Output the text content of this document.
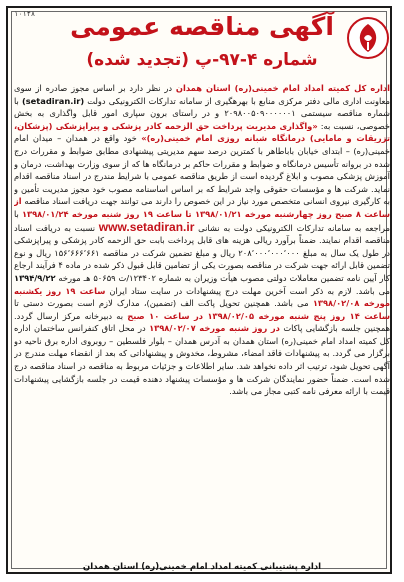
۱۰۱۴۸	آگهی مناقصه عمومی
شماره ۴-۹۷-پ (تجدید شده)
اداره کل کمیته امداد امام خمینی(ره) استان همدان در نظر دارد بر اساس مجوز صادره از سوی معاونت اداری مالی دفتر مرکزی منابع با بهرهگیری از سامانه تدارکات الکترونیکی دولت (setadiran.ir) با شماره مناقصه سیستمی ۲۰۹۸۰۰۵۰۹۰۰۰۰۰۰۱ و در راستای برون سپاری امور قابل واگذاری به بخش خصوصی، نسبت به: «واگذاری مدیریت پرداخت حق الزحمه کادر پزشکی و پیراپزشکی (پزشکان، تزریقات و مامایی) درمانگاه شبانه روزی امام خمینی(ره)» خود واقع در همدان – میدان امام خمینی(ره) – ابتدای خیابان باباطاهر با کمترین درصد سهم مدیریتی پیشنهادی مطابق ضوابط و مقررات درج شده در بروانه تأسیس درمانگاه و ضوابط و مقررات حاکم بر درمانگاه ها که از سوی وزارت بهداشت، درمان و آموزش پزشکی مصوب و ابلاغ گردیده است از طریق مناقصه عمومی با شرایط مندرج در اسناد مناقصه اقدام نماید. شرکت ها و مؤسسات حقوقی واجد شرایط که بر اساس اساسنامه مصوب خود مجوز مدیریت تأمین و به کارگیری نیروی انسانی متخصص مورد نیاز در این خصوص را دارند می توانند جهت دریافت اسناد مناقصه از ساعت ۸ صبح روز چهارشنبه مورخه ۱۳۹۸/۰۱/۲۱ تا ساعت ۱۹ روز شنبه مورخه ۱۳۹۸/۰۱/۲۴ با مراجعه به سامانه تدارکات الکترونیکی دولت به نشانی www.setadiran.ir نسبت به دریافت اسناد مناقصه اقدام نمایند. ضمناً برآورد ریالی هزینه های قابل پرداخت بابت حق الزحمه کادر پزشکی و پیراپزشکی در طول یک سال به مبلغ ۲۰۸٬۰۰۰٬۰۰۰٬۰۰۰ ریال و مبلغ تضمین شرکت در مناقصه ۱۵۶٬۶۶۶٬۶۶۱ ریال و نوع تضمین قابل ارائه جهت شرکت در مناقصه بصورت یکی از تضامین قابل قبول ذکر شده در ماده ۴ فرآیند ارجاع کار آیین نامه تضمین معاملات دولتی مصوب هیأت وزیران به شماره ۱۲۳۴۰۲/ت ۵۰۶۵۹ هـ مورخه ۱۳۹۴/۹/۲۲ می باشد. لازم به ذکر است آخرین مهلت درج پیشنهادات در سایت ستاد ایران ساعت ۱۹ روز یکشنبه مورخه ۱۳۹۸/۰۲/۰۸ می باشد. همچنین تحویل پاکت الف (تضمین)، مدارک لازم است بصورت دستی تا ساعت ۱۴ روز پنج شنبه مورخه ۱۳۹۸/۰۲/۰۵ در ساعت ۱۰ صبح به دبیرخانه مرکز ارسال گردد. همچنین جلسه بازگشایی پاکات در روز شنبه مورخه ۱۳۹۸/۰۲/۰۷ در محل اتاق کنفرانس ساختمان اداره کل کمیته امداد امام خمینی(ره) استان همدان به آدرس همدان – بلوار فلسطین – روبروی اداره برق ناحیه دو برگزار می گردد. به پیشنهادات فاقد امضاء، مشروط، مخدوش و پیشنهاداتی که بعد از انقضاء مهلت مندرج در آگهی تحویل شود، ترتیب اثر داده نخواهد شد. سایر اطلاعات و جزئیات مربوط به مناقصه در اسناد مناقصه درج شده است. ضمناً حضور نمایندگان شرکت ها و مؤسسات پیشنهاد دهنده قیمت در جلسه بازگشایی پیشنهادات قیمت با ارائه معرفی نامه کتبی مجاز می باشد.
اداره پشتیبانی کمیته امداد امام خمینی(ره) استان همدان
